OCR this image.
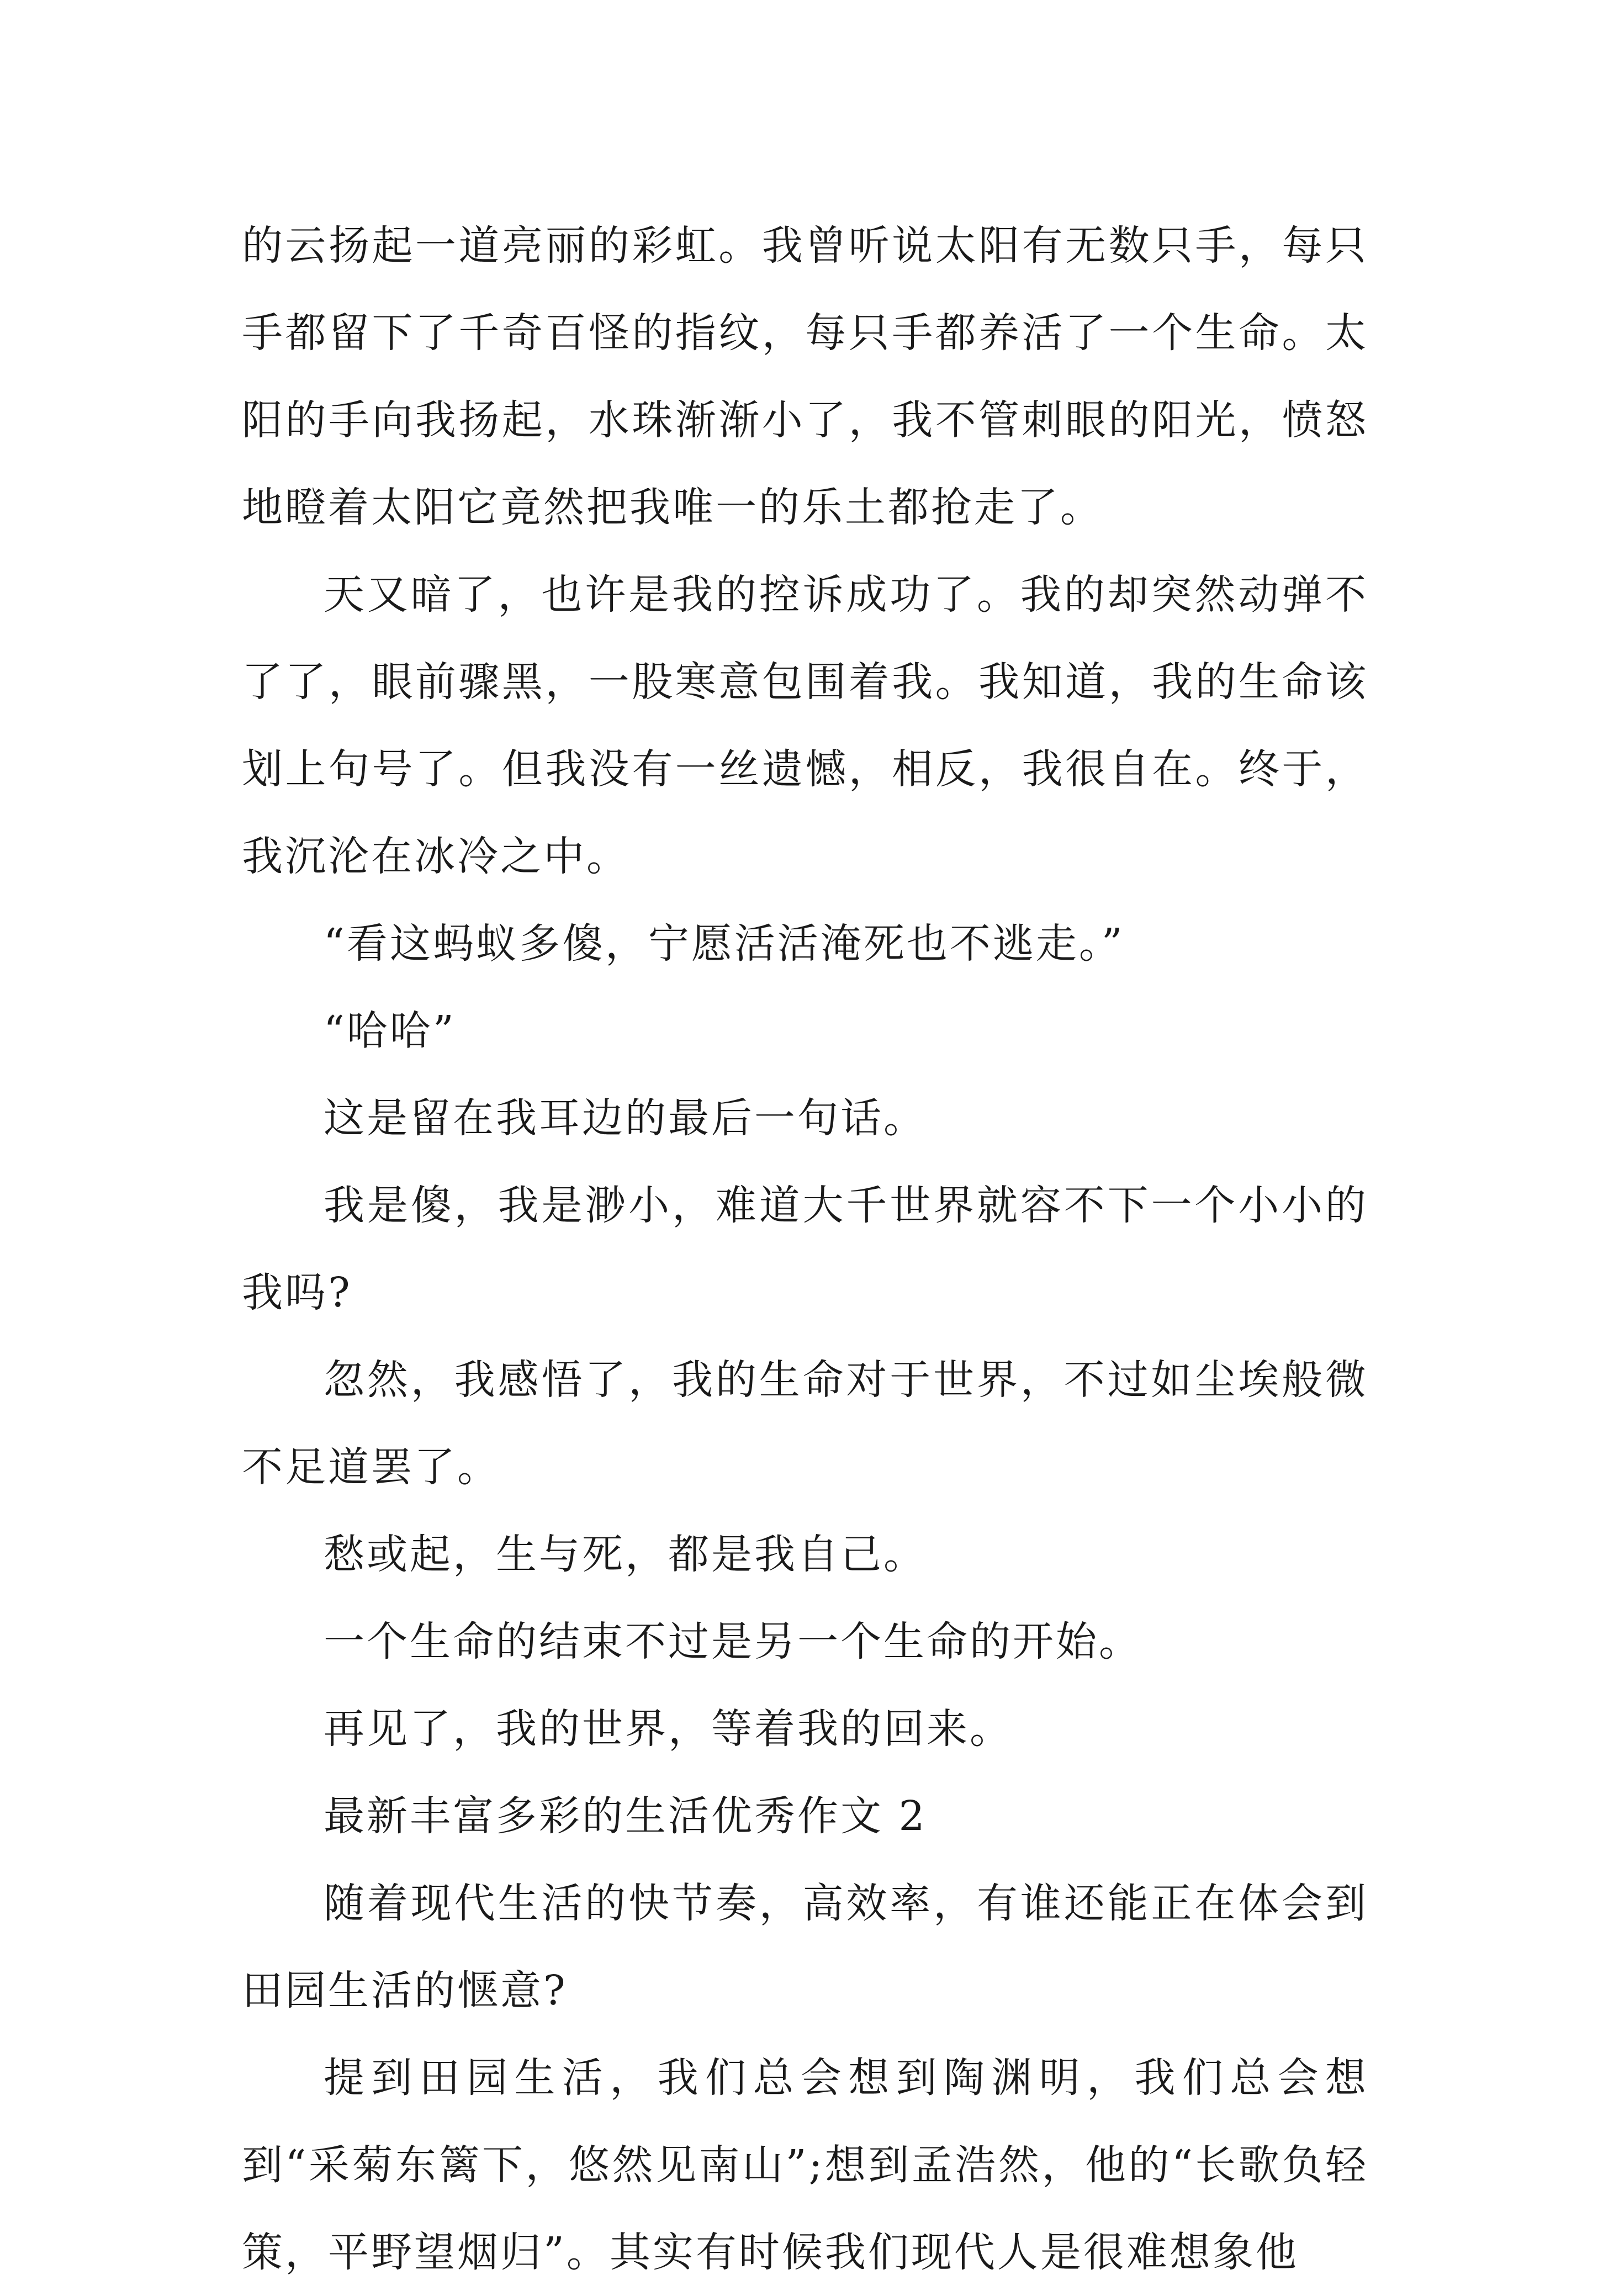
的云扬起一道亮丽的彩虹。我曾听说太阳有无数只手，每只手都留下了千奇百怪的指纹，每只手都养活了一个生命。太阳的手向我扬起，水珠渐渐小了，我不管刺眼的阳光，愤怒地瞪着太阳它竟然把我唯一的乐土都抢走了。

天又暗了，也许是我的控诉成功了。我的却突然动弹不了了，眼前骤黑，一股寒意包围着我。我知道，我的生命该划上句号了。但我没有一丝遗憾，相反，我很自在。终于，我沉沦在冰冷之中。

“看这蚂蚁多傻，宁愿活活淹死也不逃走。”

“哈哈”

这是留在我耳边的最后一句话。

我是傻，我是渺小，难道大千世界就容不下一个小小的我吗?

忽然，我感悟了，我的生命对于世界，不过如尘埃般微不足道罢了。

愁或起，生与死，都是我自己。

一个生命的结束不过是另一个生命的开始。

再见了，我的世界，等着我的回来。

最新丰富多彩的生活优秀作文 2

随着现代生活的快节奏，高效率，有谁还能正在体会到田园生活的惬意?

提到田园生活，我们总会想到陶渊明，我们总会想到“采菊东篱下，悠然见南山”;想到孟浩然，他的“长歌负轻策，平野望烟归”。其实有时候我们现代人是很难想象他
